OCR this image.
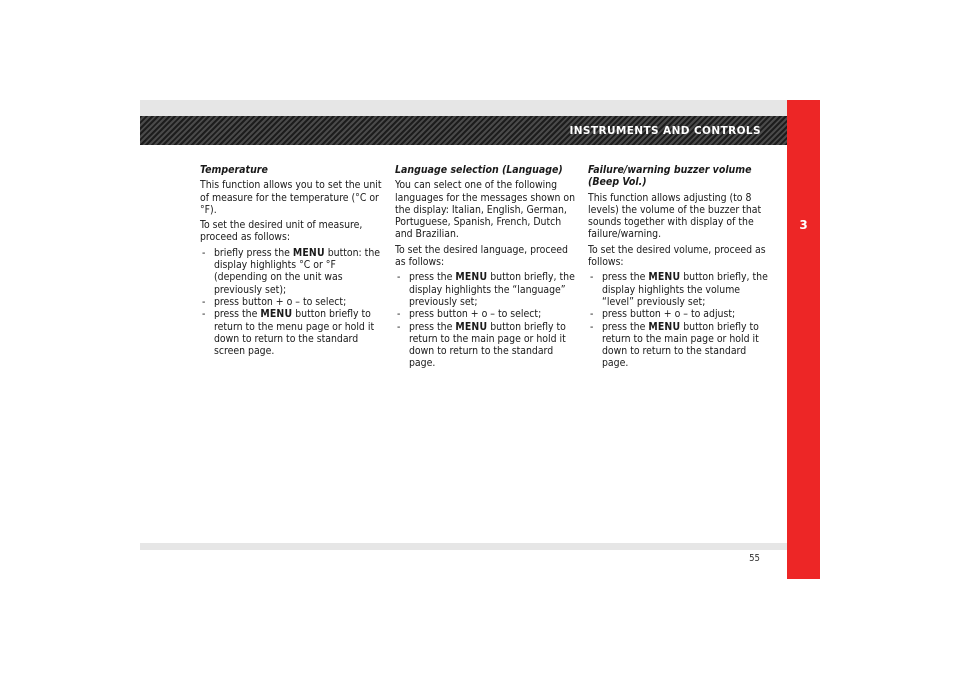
INSTRUMENTS AND CONTROLS
3
Temperature

This function allows you to set the unit of measure for the temperature (°C or °F).

To set the desired unit of measure, proceed as follows:

- briefly press the MENU button: the display highlights °C or °F (depending on the unit was previously set);
- press button + o – to select;
- press the MENU button briefly to return to the menu page or hold it down to return to the standard screen page.
Language selection (Language)

You can select one of the following languages for the messages shown on the display: Italian, English, German, Portuguese, Spanish, French, Dutch and Brazilian.

To set the desired language, proceed as follows:

- press the MENU button briefly, the display highlights the “language” previously set;
- press button + o – to select;
- press the MENU button briefly to return to the main page or hold it down to return to the standard page.
Failure/warning buzzer volume (Beep Vol.)

This function allows adjusting (to 8 levels) the volume of the buzzer that sounds together with display of the failure/warning.

To set the desired volume, proceed as follows:

- press the MENU button briefly, the display highlights the volume “level” previously set;
- press button + o – to adjust;
- press the MENU button briefly to return to the main page or hold it down to return to the standard page.
55
